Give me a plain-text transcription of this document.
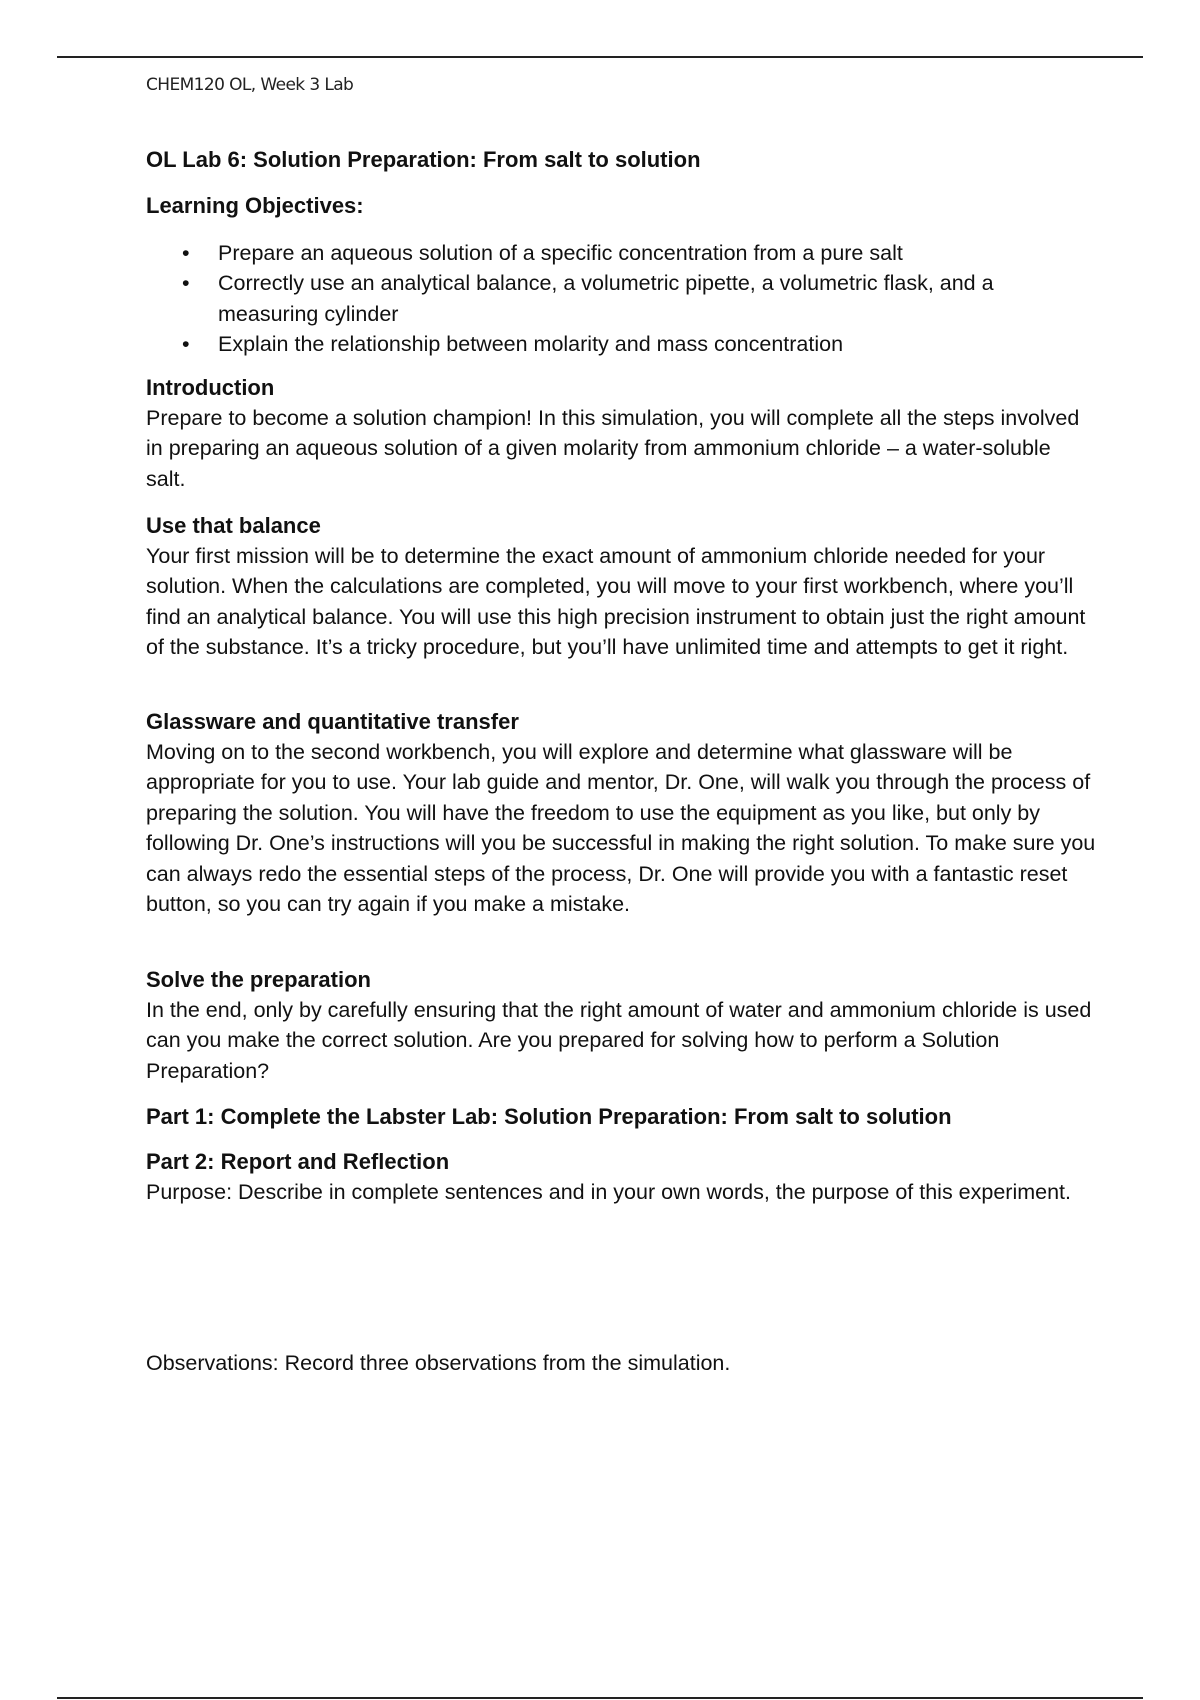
CHEM120 OL, Week 3 Lab

OL Lab 6: Solution Preparation: From salt to solution

Learning Objectives:

• Prepare an aqueous solution of a specific concentration from a pure salt
• Correctly use an analytical balance, a volumetric pipette, a volumetric flask, and a measuring cylinder
• Explain the relationship between molarity and mass concentration

Introduction

Prepare to become a solution champion! In this simulation, you will complete all the steps involved in preparing an aqueous solution of a given molarity from ammonium chloride – a water-soluble salt.

Use that balance

Your first mission will be to determine the exact amount of ammonium chloride needed for your solution. When the calculations are completed, you will move to your first workbench, where you’ll find an analytical balance. You will use this high precision instrument to obtain just the right amount of the substance. It’s a tricky procedure, but you’ll have unlimited time and attempts to get it right.

Glassware and quantitative transfer

Moving on to the second workbench, you will explore and determine what glassware will be appropriate for you to use. Your lab guide and mentor, Dr. One, will walk you through the process of preparing the solution. You will have the freedom to use the equipment as you like, but only by following Dr. One’s instructions will you be successful in making the right solution. To make sure you can always redo the essential steps of the process, Dr. One will provide you with a fantastic reset button, so you can try again if you make a mistake.

Solve the preparation

In the end, only by carefully ensuring that the right amount of water and ammonium chloride is used can you make the correct solution. Are you prepared for solving how to perform a Solution Preparation?

Part 1: Complete the Labster Lab: Solution Preparation: From salt to solution

Part 2: Report and Reflection

Purpose: Describe in complete sentences and in your own words, the purpose of this experiment.

Observations: Record three observations from the simulation.
